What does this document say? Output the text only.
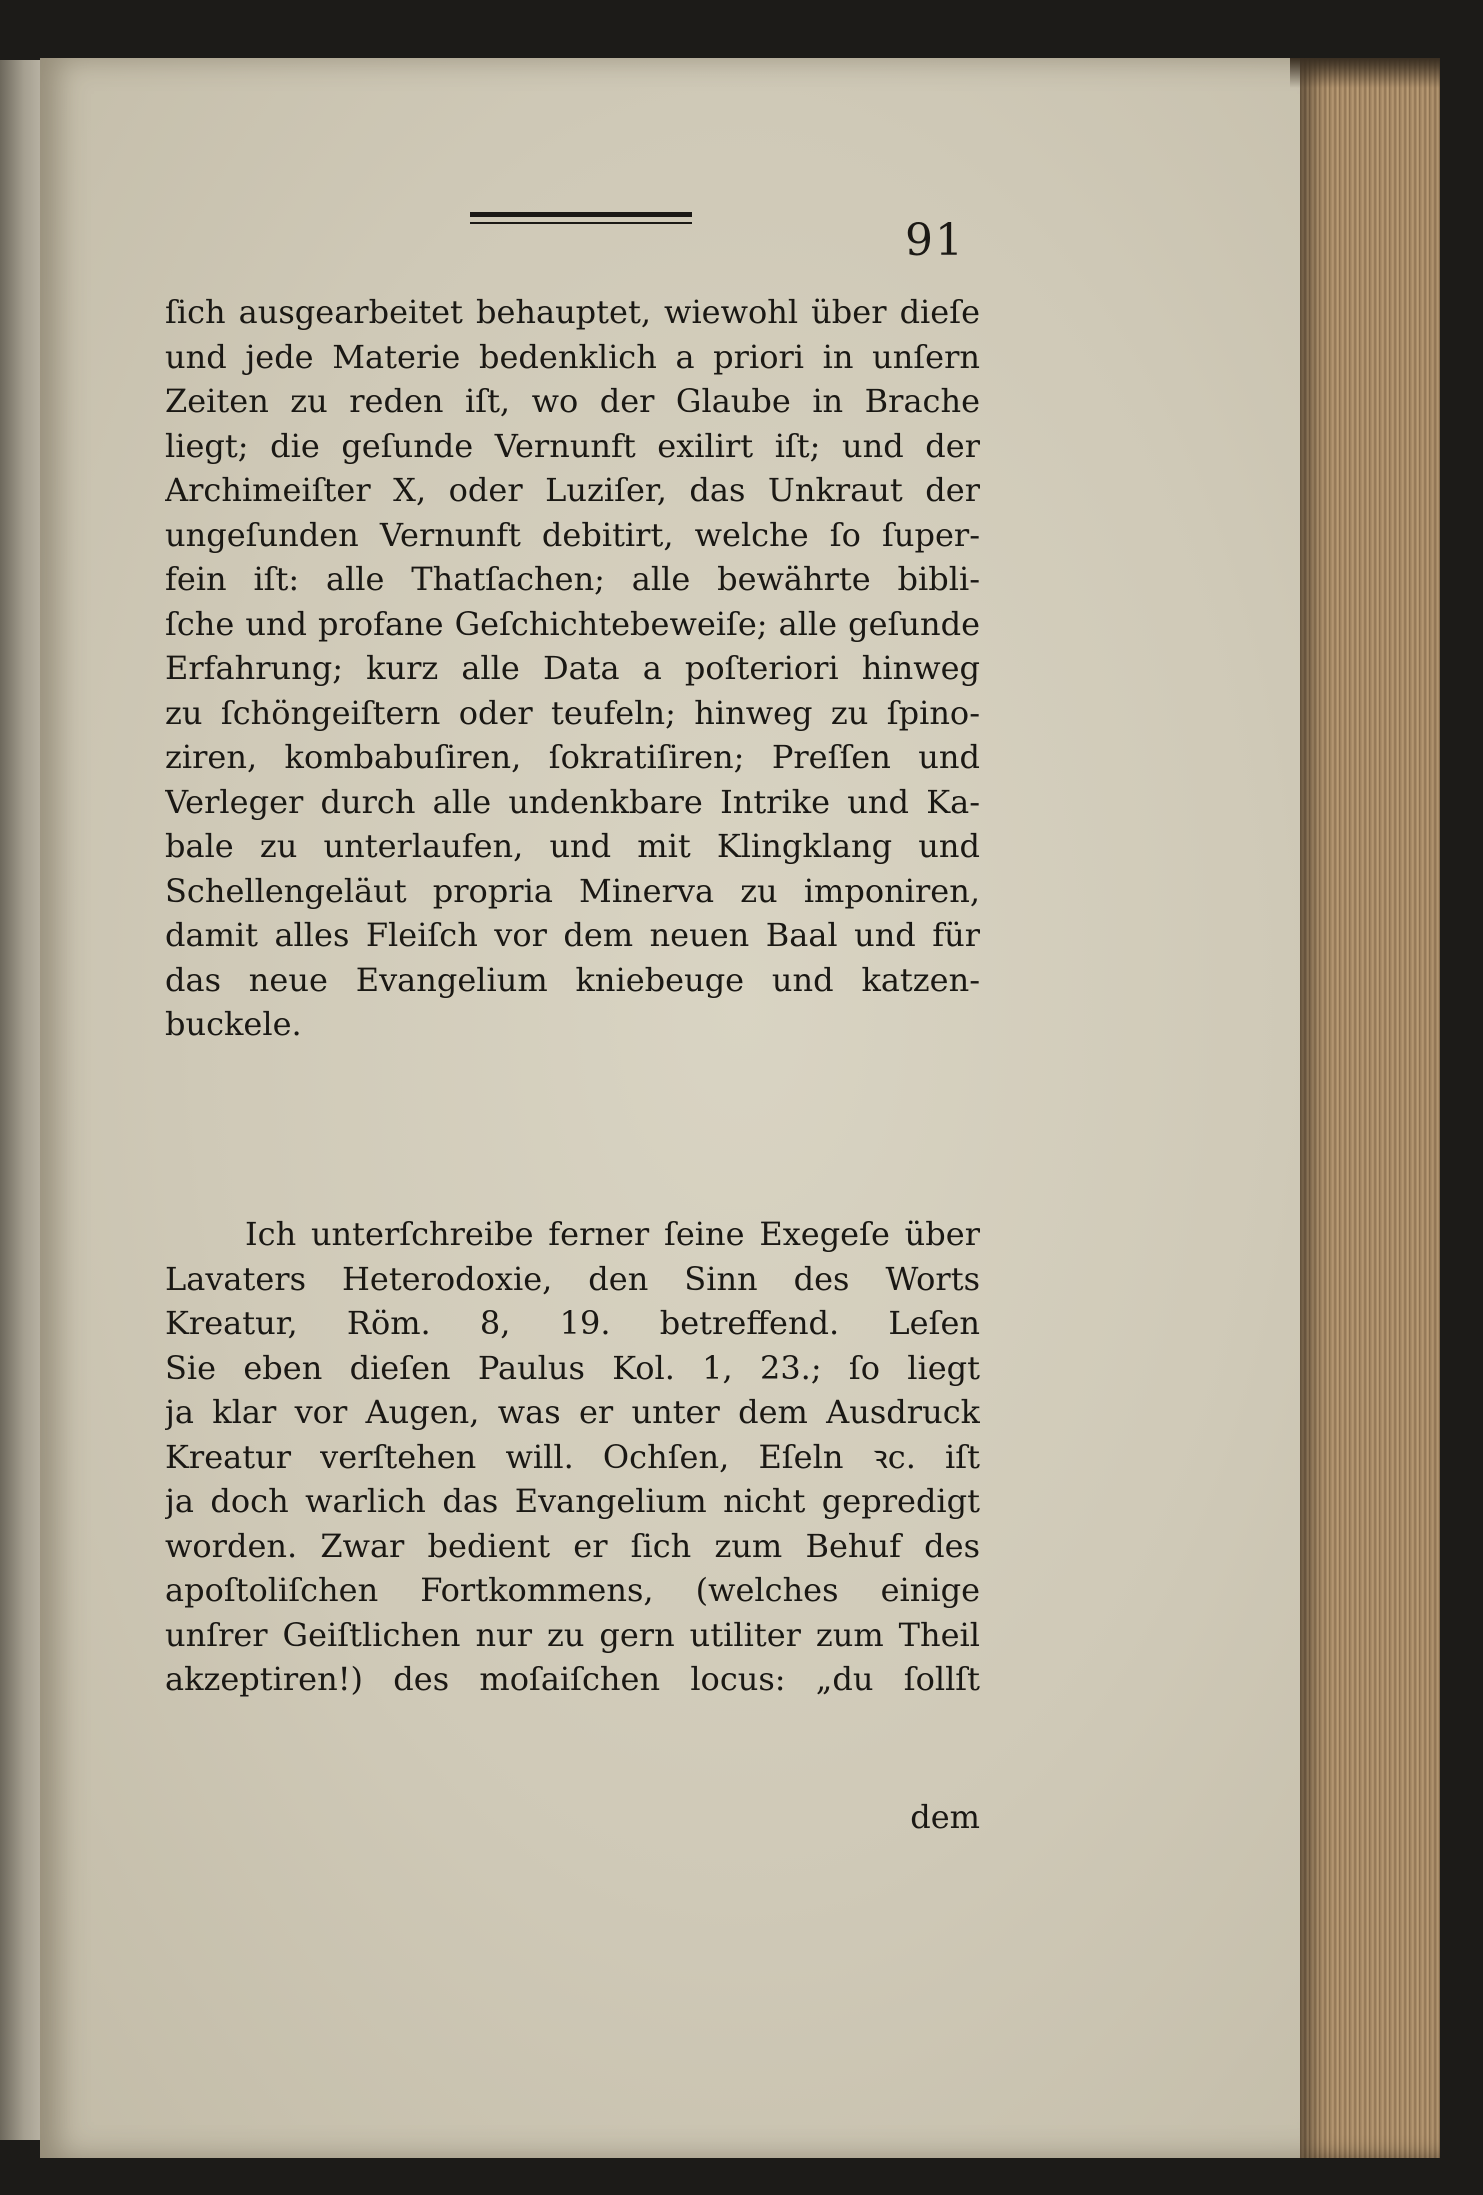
91
ſich ausgearbeitet behauptet, wiewohl über dieſe
und jede Materie bedenklich a priori in unſern
Zeiten zu reden iſt, wo der Glaube in Brache
liegt; die geſunde Vernunft exilirt iſt; und der
Archimeiſter X, oder Luziſer, das Unkraut der
ungeſunden Vernunft debitirt, welche ſo ſuper-
fein iſt: alle Thatſachen; alle bewährte bibli-
ſche und profane Geſchichtebeweiſe; alle geſunde
Erfahrung; kurz alle Data a poſteriori hinweg
zu ſchöngeiſtern oder teufeln; hinweg zu ſpino-
ziren, kombabuſiren, ſokratiſiren; Preſſen und
Verleger durch alle undenkbare Intrike und Ka-
bale zu unterlaufen, und mit Klingklang und
Schellengeläut propria Minerva zu imponiren,
damit alles Fleiſch vor dem neuen Baal und für
das neue Evangelium kniebeuge und katzen-
buckele.
Ich unterſchreibe ferner ſeine Exegeſe über
Lavaters Heterodoxie, den Sinn des Worts
Kreatur, Röm. 8, 19. betreffend. Leſen
Sie eben dieſen Paulus Kol. 1, 23.; ſo liegt
ja klar vor Augen, was er unter dem Ausdruck
Kreatur verſtehen will. Ochſen, Eſeln ꝛc. iſt
ja doch warlich das Evangelium nicht gepredigt
worden. Zwar bedient er ſich zum Behuf des
apoſtoliſchen Fortkommens, (welches einige
unſrer Geiſtlichen nur zu gern utiliter zum Theil
akzeptiren!) des moſaiſchen locus: „du ſollſt
dem
